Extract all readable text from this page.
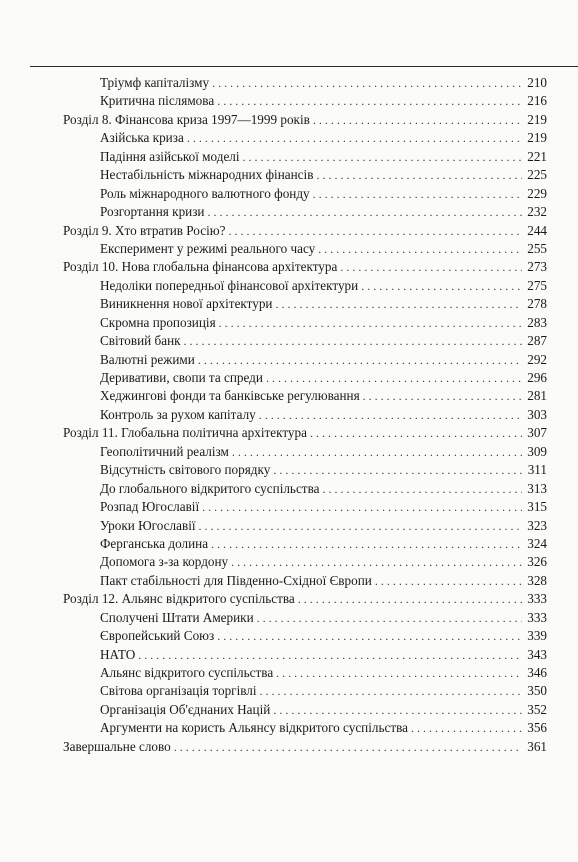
Тріумф капіталізму . . .	210
Критична післямова . . .	216
Розділ 8. Фінансова криза 1997—1999 років . . .	219
Азійська криза . . .	219
Падіння азійської моделі . . .	221
Нестабільність міжнародних фінансів . . .	225
Роль міжнародного валютного фонду . . .	229
Розгортання кризи . . .	232
Розділ 9. Хто втратив Росію? . . .	244
Експеримент у режимі реального часу . . .	255
Розділ 10. Нова глобальна фінансова архітектура . . .	273
Недоліки попередньої фінансової архітектури . . .	275
Виникнення нової архітектури . . .	278
Скромна пропозиція . . .	283
Світовий банк . . .	287
Валютні режими . . .	292
Деривативи, свопи та спреди . . .	296
Хеджингові фонди та банківське регулювання . . .	281
Контроль за рухом капіталу . . .	303
Розділ 11. Глобальна політична архітектура . . .	307
Геополітичний реалізм . . .	309
Відсутність світового порядку . . .	311
До глобального відкритого суспільства . . .	313
Розпад Югославії . . .	315
Уроки Югославії . . .	323
Ферганська долина . . .	324
Допомога з-за кордону . . .	326
Пакт стабільності для Південно-Східної Європи . . .	328
Розділ 12. Альянс відкритого суспільства . . .	333
Сполучені Штати Америки . . .	333
Європейський Союз . . .	339
НАТО . . .	343
Альянс відкритого суспільства . . .	346
Світова організація торгівлі . . .	350
Організація Об'єднаних Націй . . .	352
Аргументи на користь Альянсу відкритого суспільства . . .	356
Завершальне слово . . .	361
